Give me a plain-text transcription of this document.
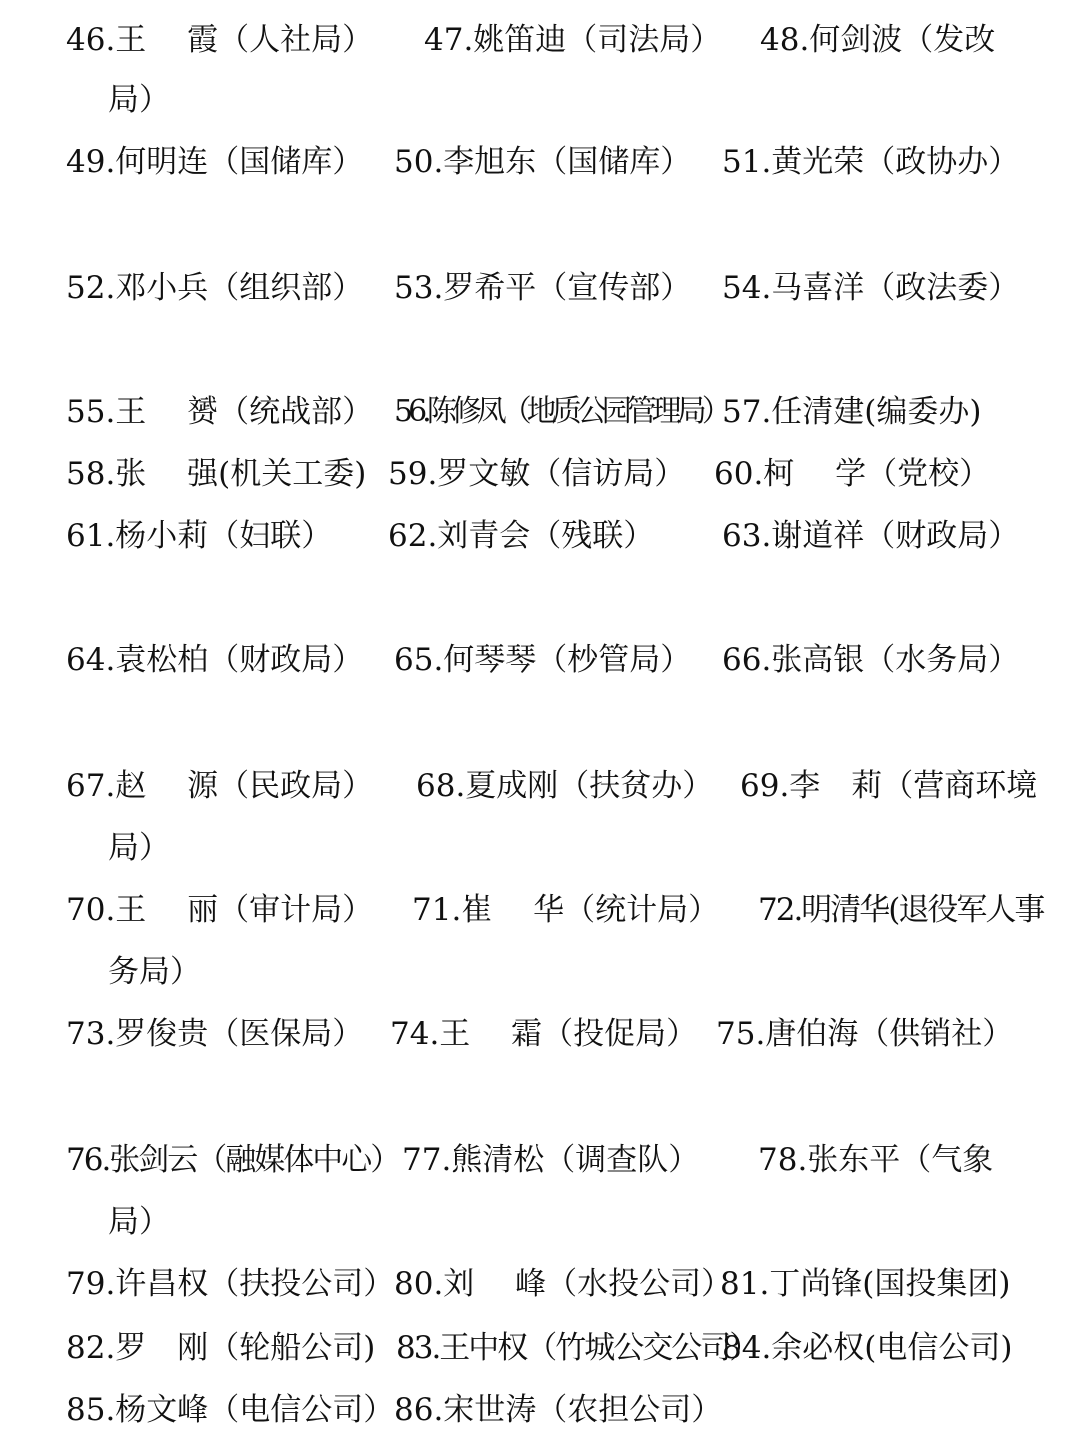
46.王　 霞（人社局） 47.姚笛迪（司法局） 48.何剑波（发改
局）
49.何明连（国储库） 50.李旭东（国储库） 51.黄光荣（政协办）
52.邓小兵（组织部） 53.罗希平（宣传部） 54.马喜洋（政法委）
55.王　 赟（统战部） 56.陈修凤（地质公园管理局）
57.任清建(编委办)
58.张　 强(机关工委) 59.罗文敏（信访局） 60.柯　 学（党校）
61.杨小莉（妇联） 62.刘青会（残联） 63.谢道祥（财政局）
64.袁松柏（财政局） 65.何琴琴（杪管局） 66.张高银（水务局）
67.赵　 源（民政局） 68.夏成刚（扶贫办） 69.李　莉（营商环境
局）
70.王　 丽（审计局） 71.崔　 华（统计局） 72.明清华(退役军人事
务局）
73.罗俊贵（医保局） 74.王　 霜（投促局） 75.唐伯海（供销社）
76.张剑云（融媒体中心） 77.熊清松（调查队） 78.张东平（气象
局）
79.许昌权（扶投公司） 80.刘　 峰（水投公司）
81.丁尚锋(国投集团)
82.罗　刚（轮船公司) 83.王中权（竹城公交公司）
84.余必权(电信公司)
85.杨文峰（电信公司） 86.宋世涛（农担公司）
